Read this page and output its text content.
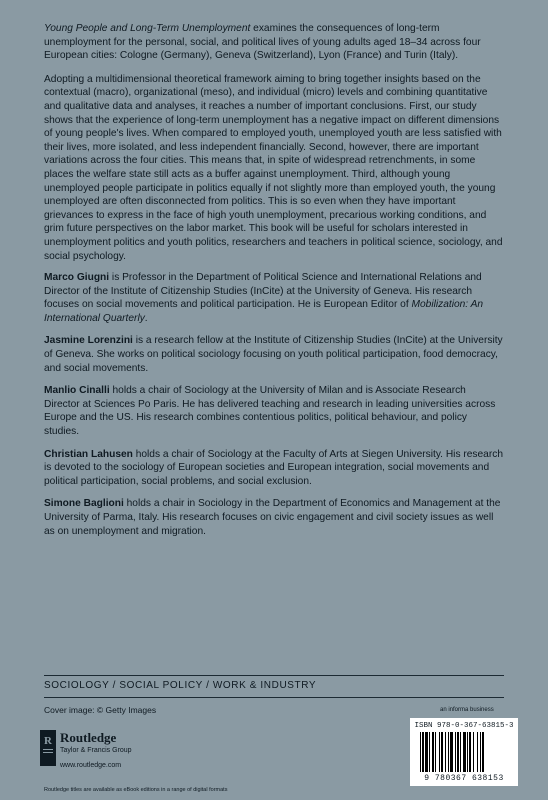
Young People and Long-Term Unemployment examines the consequences of long-term unemployment for the personal, social, and political lives of young adults aged 18–34 across four European cities: Cologne (Germany), Geneva (Switzerland), Lyon (France) and Turin (Italy).

Adopting a multidimensional theoretical framework aiming to bring together insights based on the contextual (macro), organizational (meso), and individual (micro) levels and combining quantitative and qualitative data and analyses, it reaches a number of important conclusions. First, our study shows that the experience of long-term unemployment has a negative impact on different dimensions of young people's lives. When compared to employed youth, unemployed youth are less satisfied with their lives, more isolated, and less independent financially. Second, however, there are important variations across the four cities. This means that, in spite of widespread retrenchments, in some places the welfare state still acts as a buffer against unemployment. Third, although young unemployed people participate in politics equally if not slightly more than employed youth, the young unemployed are often disconnected from politics. This is so even when they have important grievances to express in the face of high youth unemployment, precarious working conditions, and grim future perspectives on the labor market. This book will be useful for scholars interested in unemployment politics and youth politics, researchers and teachers in political science, sociology, and social psychology.

Marco Giugni is Professor in the Department of Political Science and International Relations and Director of the Institute of Citizenship Studies (InCite) at the University of Geneva. His research focuses on social movements and political participation. He is European Editor of Mobilization: An International Quarterly.

Jasmine Lorenzini is a research fellow at the Institute of Citizenship Studies (InCite) at the University of Geneva. She works on political sociology focusing on youth political participation, food democracy, and social movements.

Manlio Cinalli holds a chair of Sociology at the University of Milan and is Associate Research Director at Sciences Po Paris. He has delivered teaching and research in leading universities across Europe and the US. His research combines contentious politics, political behaviour, and policy studies.

Christian Lahusen holds a chair of Sociology at the Faculty of Arts at Siegen University. His research is devoted to the sociology of European societies and European integration, social movements and political participation, social problems, and social exclusion.

Simone Baglioni holds a chair in Sociology in the Department of Economics and Management at the University of Parma, Italy. His research focuses on civic engagement and civil society issues as well as on unemployment and migration.

SOCIOLOGY / SOCIAL POLICY / WORK & INDUSTRY
Cover image: © Getty Images	an informa business
R Routledge
Taylor & Francis Group
www.routledge.com
ISBN 978-0-367-63815-3
9 780367 638153
Routledge titles are available as eBook editions in a range of digital formats
